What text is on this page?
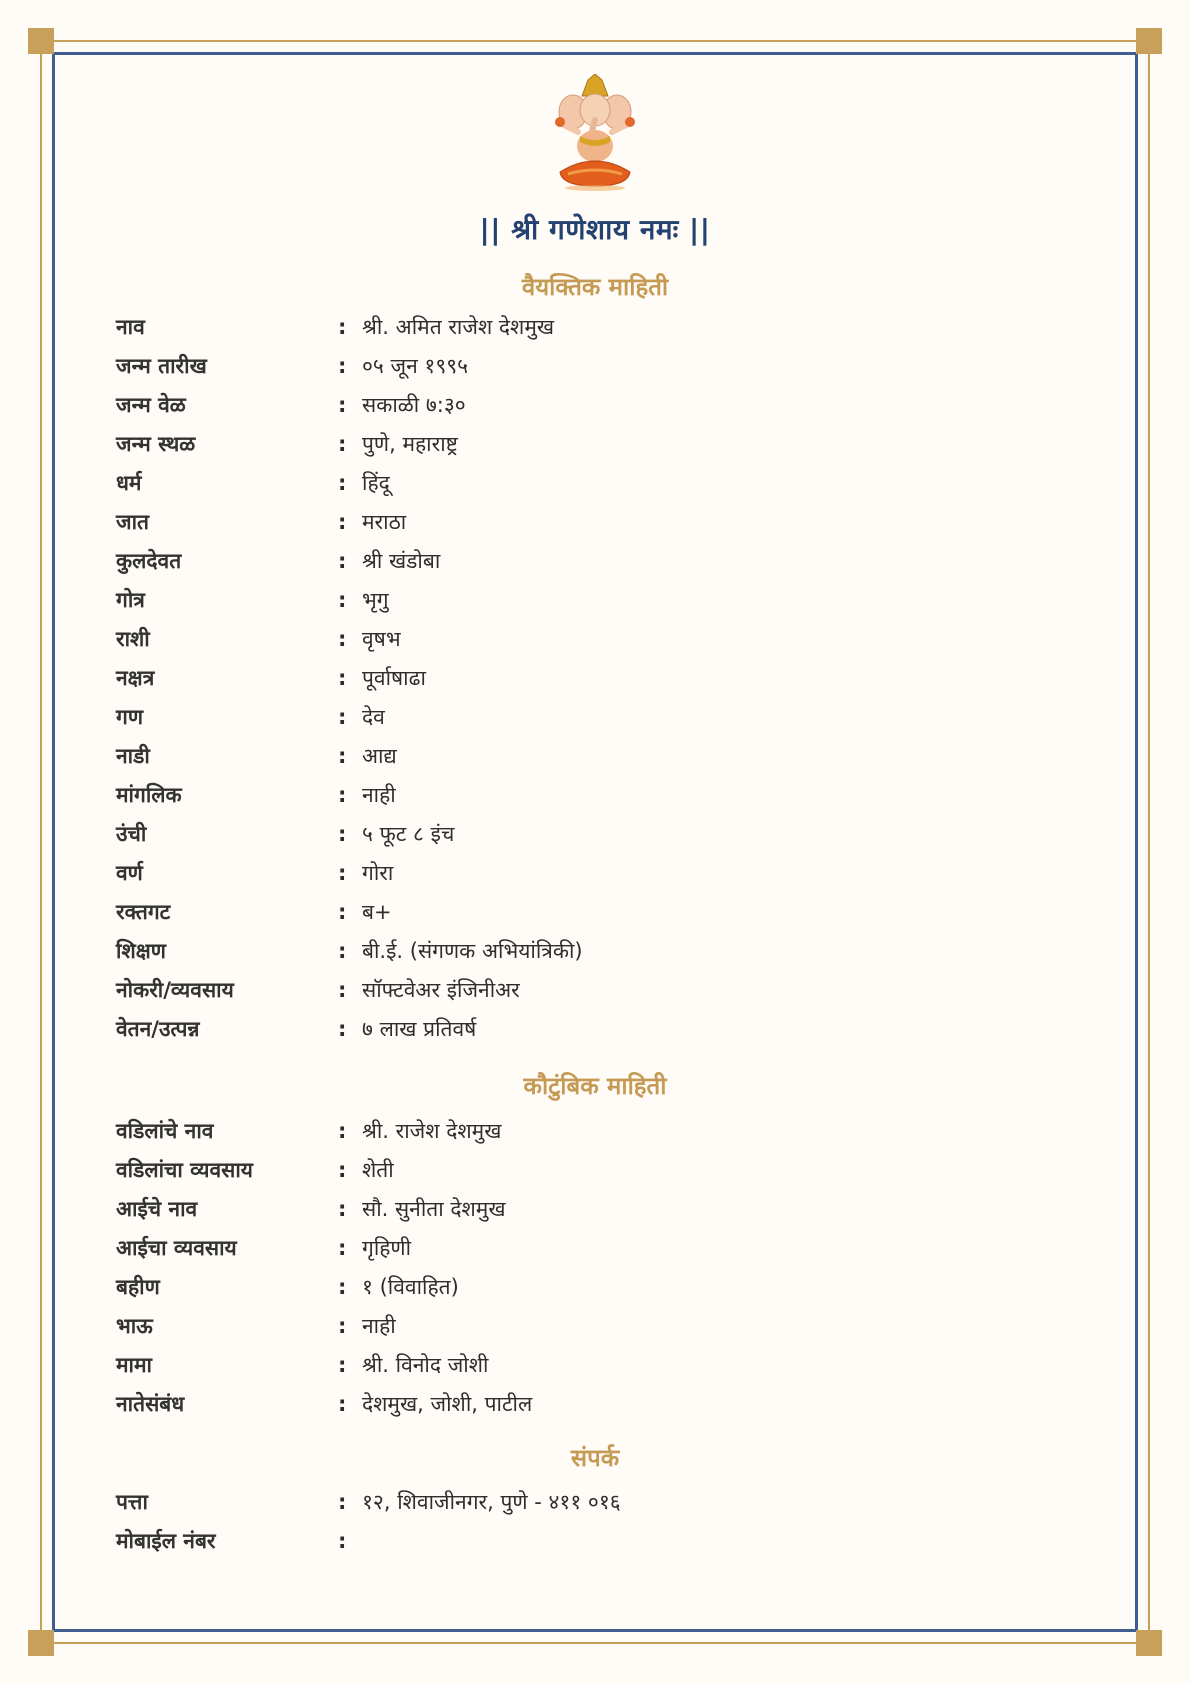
|| श्री गणेशाय नमः ||
वैयक्तिक माहिती
नाव	: श्री. अमित राजेश देशमुख
जन्म तारीख	: ०५ जून १९९५
जन्म वेळ	: सकाळी ७:३०
जन्म स्थळ	: पुणे, महाराष्ट्र
धर्म	: हिंदू
जात	: मराठा
कुलदेवत	: श्री खंडोबा
गोत्र	: भृगु
राशी	: वृषभ
नक्षत्र	: पूर्वाषाढा
गण	: देव
नाडी	: आद्य
मांगलिक	: नाही
उंची	: ५ फूट ८ इंच
वर्ण	: गोरा
रक्तगट	: ब+
शिक्षण	: बी.ई. (संगणक अभियांत्रिकी)
नोकरी/व्यवसाय	: सॉफ्टवेअर इंजिनीअर
वेतन/उत्पन्न	: ७ लाख प्रतिवर्ष
कौटुंबिक माहिती
वडिलांचे नाव	: श्री. राजेश देशमुख
वडिलांचा व्यवसाय	: शेती
आईचे नाव	: सौ. सुनीता देशमुख
आईचा व्यवसाय	: गृहिणी
बहीण	: १ (विवाहित)
भाऊ	: नाही
मामा	: श्री. विनोद जोशी
नातेसंबंध	: देशमुख, जोशी, पाटील
संपर्क
पत्ता	: १२, शिवाजीनगर, पुणे - ४११ ०१६
मोबाईल नंबर	:
